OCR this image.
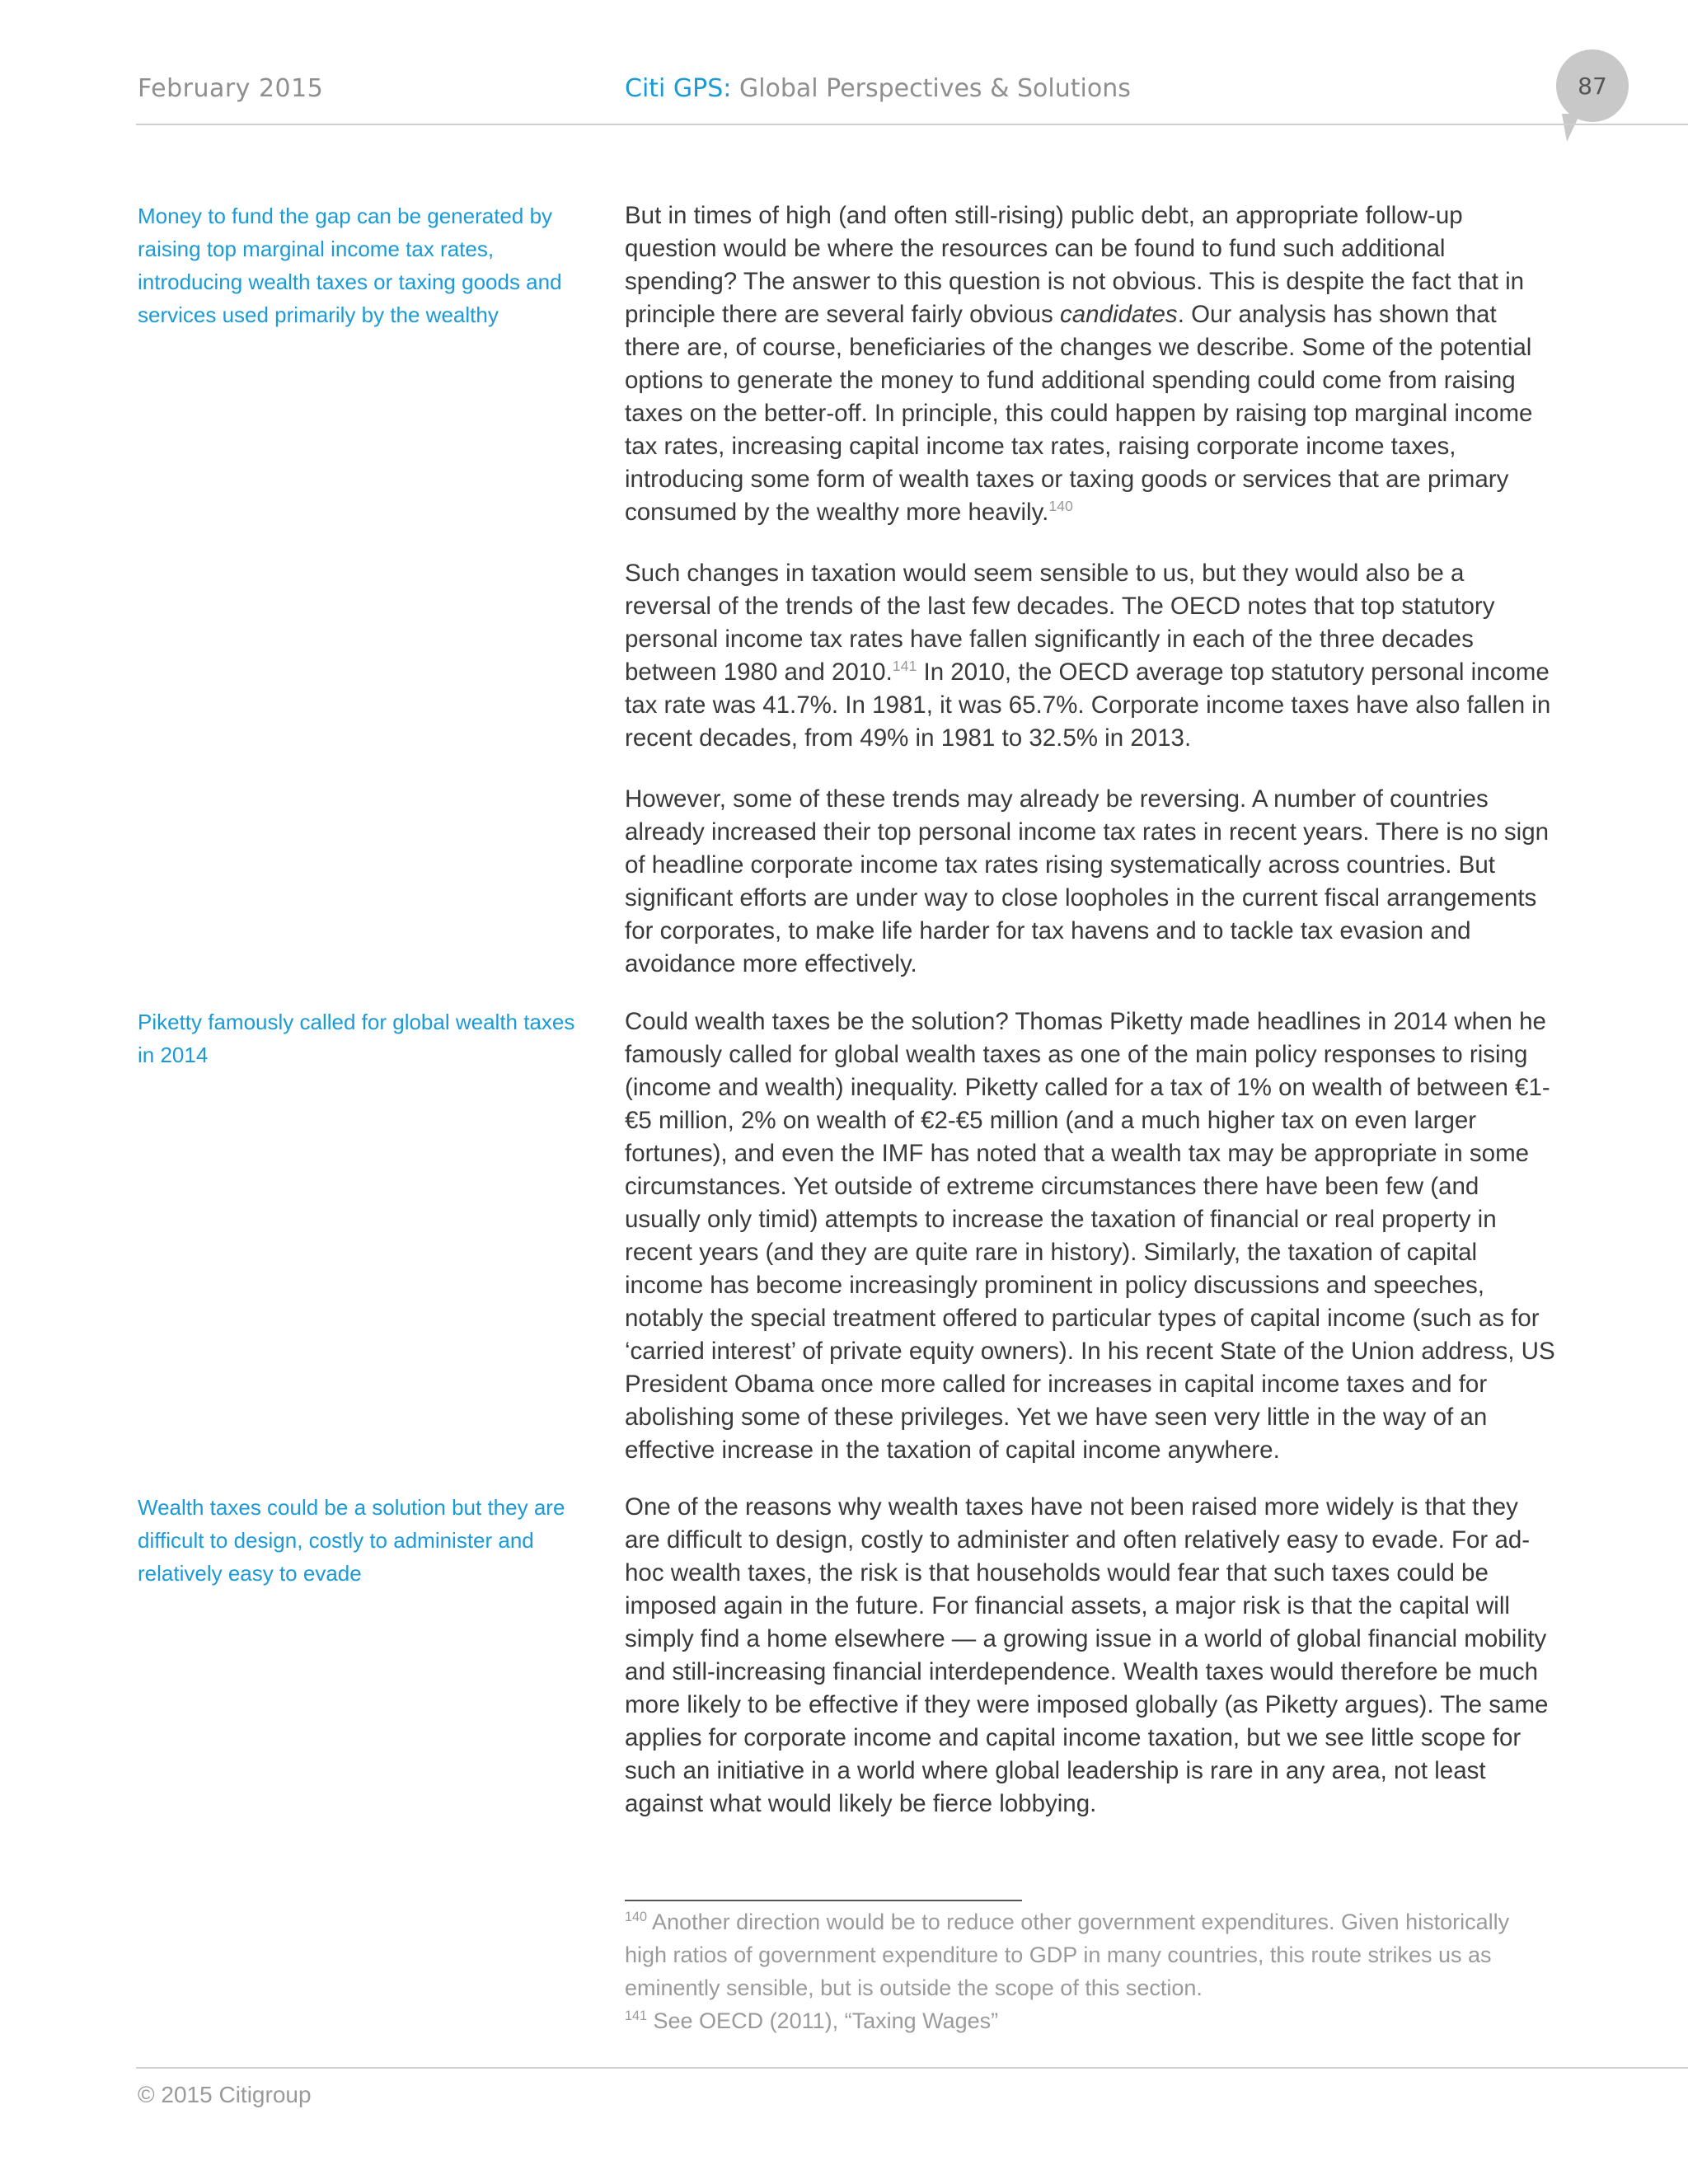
February 2015	Citi GPS: Global Perspectives & Solutions	87
Money to fund the gap can be generated by raising top marginal income tax rates, introducing wealth taxes or taxing goods and services used primarily by the wealthy
Piketty famously called for global wealth taxes in 2014
Wealth taxes could be a solution but they are difficult to design, costly to administer and relatively easy to evade
But in times of high (and often still-rising) public debt, an appropriate follow-up question would be where the resources can be found to fund such additional spending? The answer to this question is not obvious. This is despite the fact that in principle there are several fairly obvious candidates. Our analysis has shown that there are, of course, beneficiaries of the changes we describe. Some of the potential options to generate the money to fund additional spending could come from raising taxes on the better-off. In principle, this could happen by raising top marginal income tax rates, increasing capital income tax rates, raising corporate income taxes, introducing some form of wealth taxes or taxing goods or services that are primary consumed by the wealthy more heavily.$^{140}$
Such changes in taxation would seem sensible to us, but they would also be a reversal of the trends of the last few decades. The OECD notes that top statutory personal income tax rates have fallen significantly in each of the three decades between 1980 and 2010.$^{141}$ In 2010, the OECD average top statutory personal income tax rate was 41.7%. In 1981, it was 65.7%. Corporate income taxes have also fallen in recent decades, from 49% in 1981 to 32.5% in 2013.
However, some of these trends may already be reversing. A number of countries already increased their top personal income tax rates in recent years. There is no sign of headline corporate income tax rates rising systematically across countries. But significant efforts are under way to close loopholes in the current fiscal arrangements for corporates, to make life harder for tax havens and to tackle tax evasion and avoidance more effectively.
Could wealth taxes be the solution? Thomas Piketty made headlines in 2014 when he famously called for global wealth taxes as one of the main policy responses to rising (income and wealth) inequality. Piketty called for a tax of 1% on wealth of between €1-€5 million, 2% on wealth of €2-€5 million (and a much higher tax on even larger fortunes), and even the IMF has noted that a wealth tax may be appropriate in some circumstances. Yet outside of extreme circumstances there have been few (and usually only timid) attempts to increase the taxation of financial or real property in recent years (and they are quite rare in history). Similarly, the taxation of capital income has become increasingly prominent in policy discussions and speeches, notably the special treatment offered to particular types of capital income (such as for ‘carried interest’ of private equity owners). In his recent State of the Union address, US President Obama once more called for increases in capital income taxes and for abolishing some of these privileges. Yet we have seen very little in the way of an effective increase in the taxation of capital income anywhere.
One of the reasons why wealth taxes have not been raised more widely is that they are difficult to design, costly to administer and often relatively easy to evade. For ad-hoc wealth taxes, the risk is that households would fear that such taxes could be imposed again in the future. For financial assets, a major risk is that the capital will simply find a home elsewhere — a growing issue in a world of global financial mobility and still-increasing financial interdependence. Wealth taxes would therefore be much more likely to be effective if they were imposed globally (as Piketty argues). The same applies for corporate income and capital income taxation, but we see little scope for such an initiative in a world where global leadership is rare in any area, not least against what would likely be fierce lobbying.
$^{140}$ Another direction would be to reduce other government expenditures. Given historically high ratios of government expenditure to GDP in many countries, this route strikes us as eminently sensible, but is outside the scope of this section.
$^{141}$ See OECD (2011), “Taxing Wages”
© 2015 Citigroup
